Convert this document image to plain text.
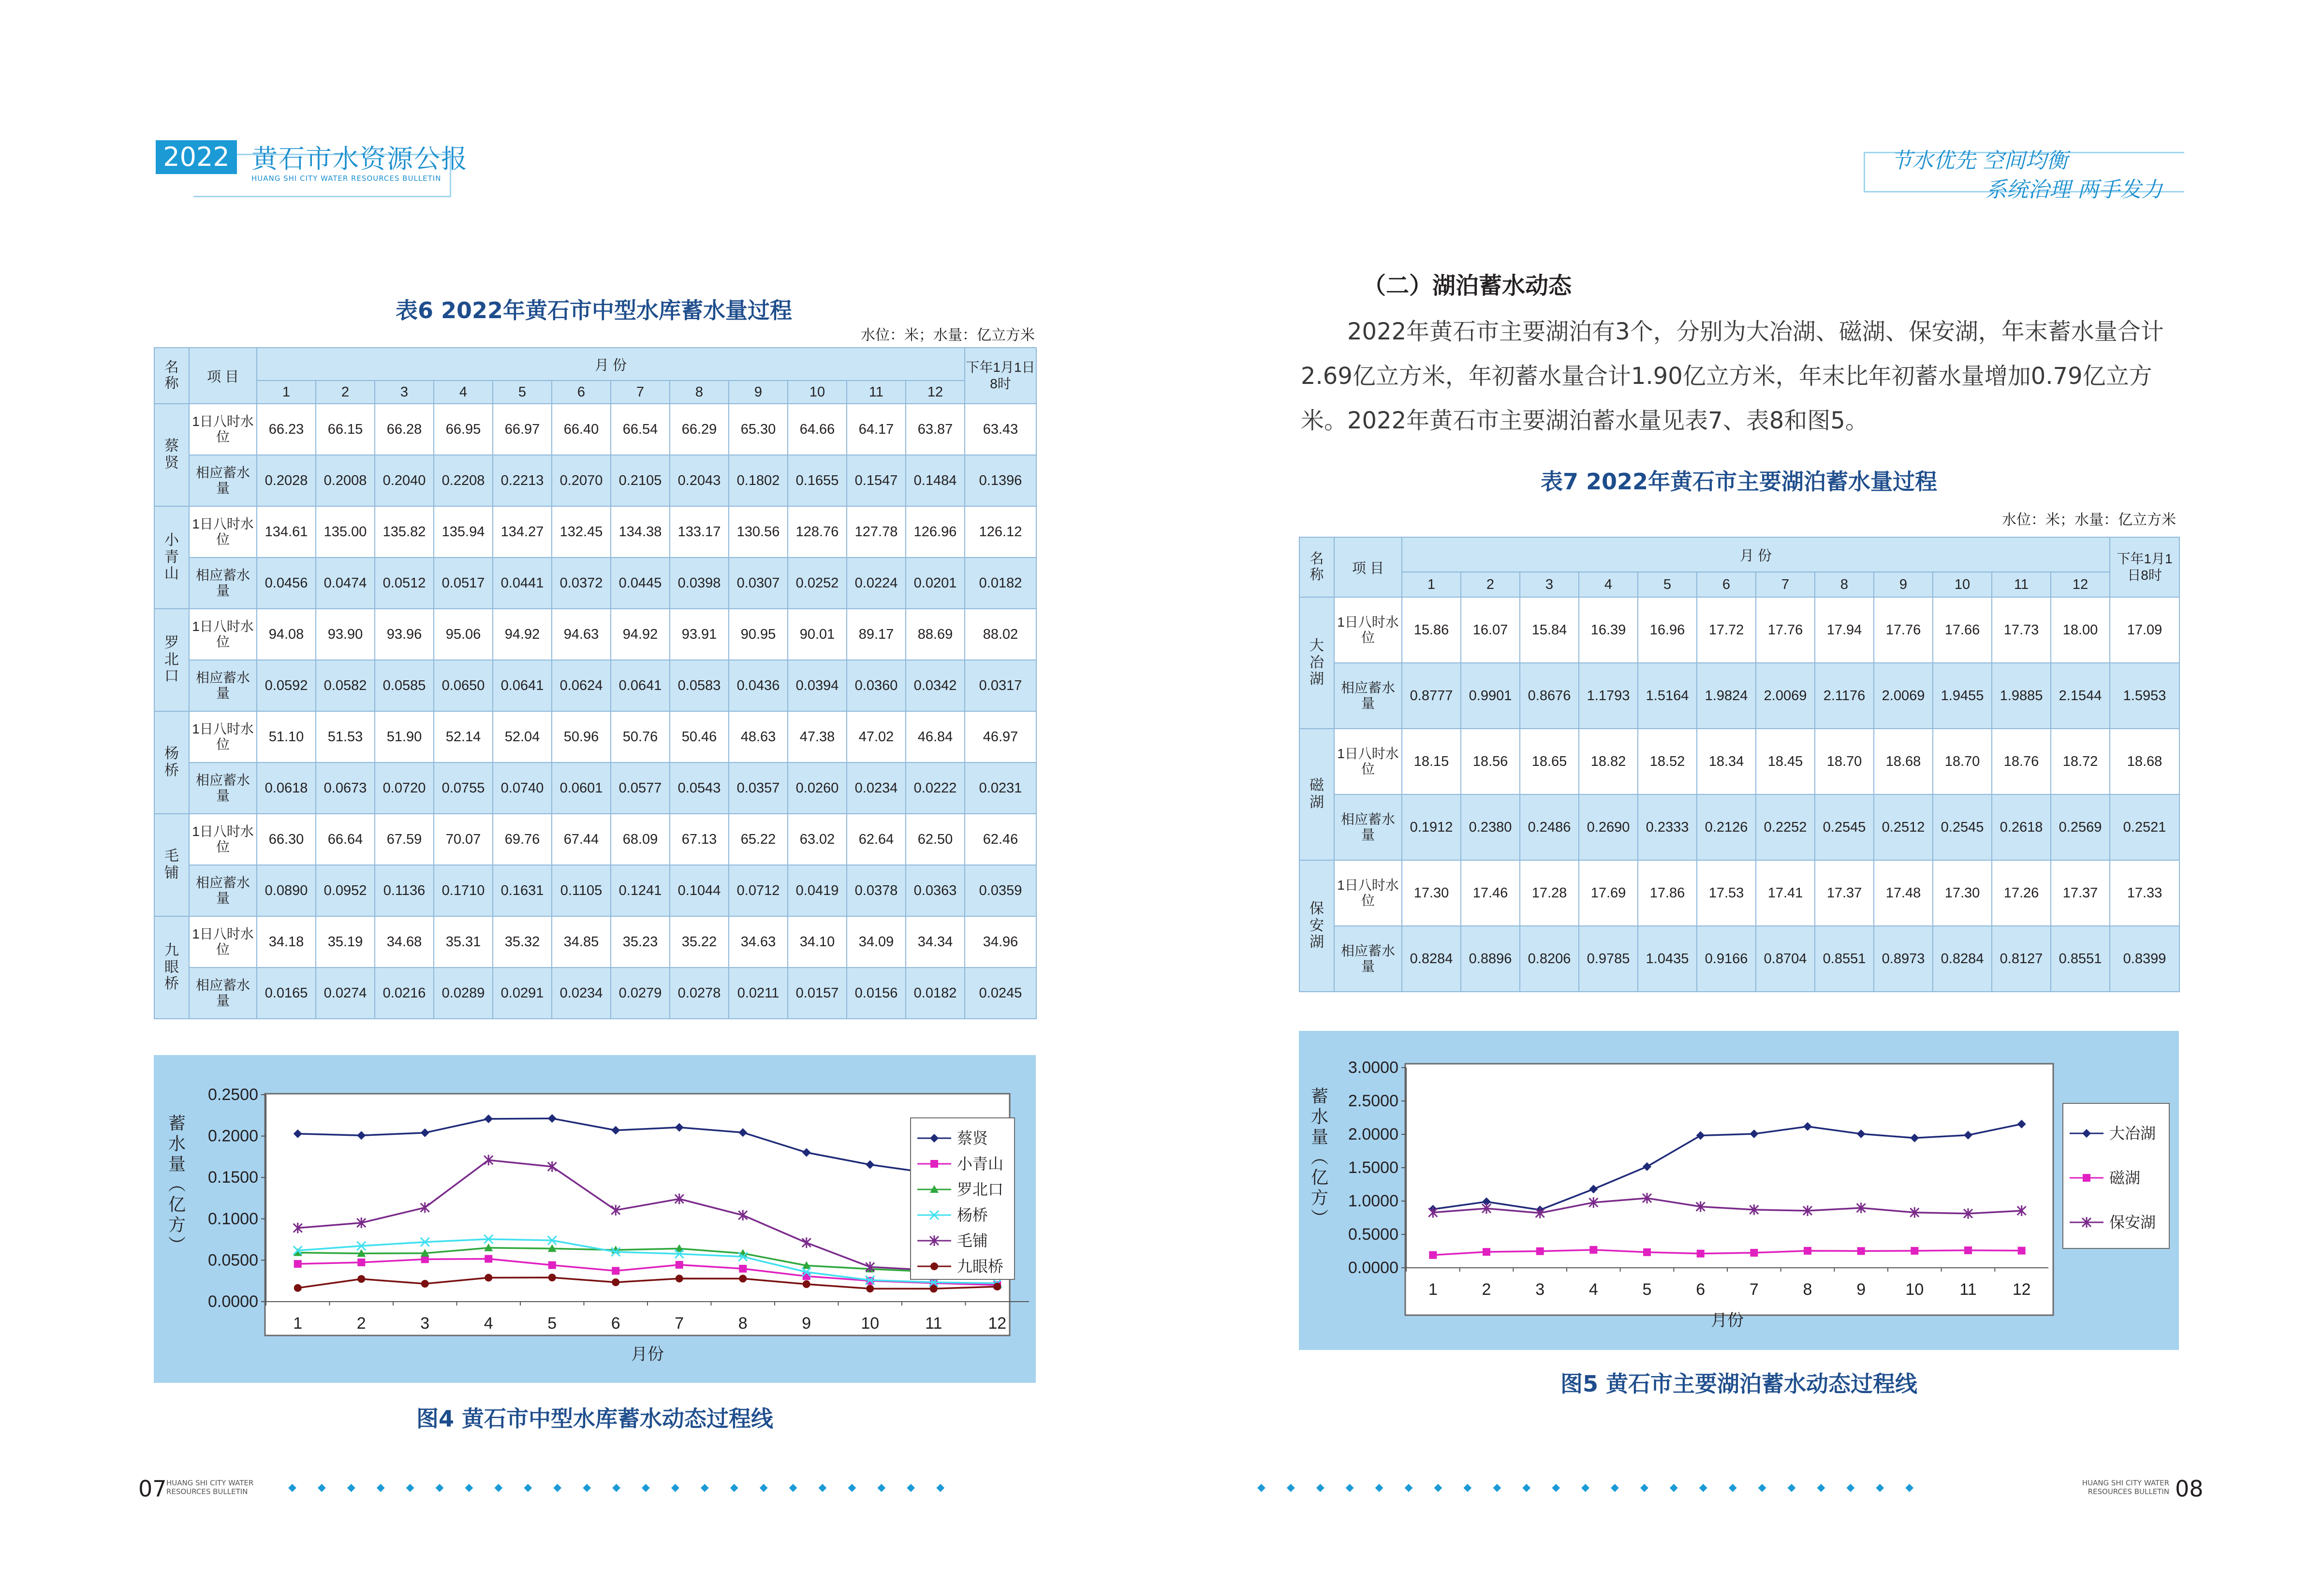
2022 黄石市水资源公报
HUANG SHI CITY WATER RESOURCES BULLETIN
节水优先 空间均衡
系统治理 两手发力
表6 2022年黄石市中型水库蓄水量过程
水位：米；水量：亿立方米
名称	项 目	月 份												下年1月1日8时
		1	2	3	4	5	6	7	8	9	10	11	12	
蔡贤	1日八时水位	66.23	66.15	66.28	66.95	66.97	66.40	66.54	66.29	65.30	64.66	64.17	63.87	63.43
	相应蓄水量	0.2028	0.2008	0.2040	0.2208	0.2213	0.2070	0.2105	0.2043	0.1802	0.1655	0.1547	0.1484	0.1396
小青山	1日八时水位	134.61	135.00	135.82	135.94	134.27	132.45	134.38	133.17	130.56	128.76	127.78	126.96	126.12
	相应蓄水量	0.0456	0.0474	0.0512	0.0517	0.0441	0.0372	0.0445	0.0398	0.0307	0.0252	0.0224	0.0201	0.0182
罗北口	1日八时水位	94.08	93.90	93.96	95.06	94.92	94.63	94.92	93.91	90.95	90.01	89.17	88.69	88.02
	相应蓄水量	0.0592	0.0582	0.0585	0.0650	0.0641	0.0624	0.0641	0.0583	0.0436	0.0394	0.0360	0.0342	0.0317
杨桥	1日八时水位	51.10	51.53	51.90	52.14	52.04	50.96	50.76	50.46	48.63	47.38	47.02	46.84	46.97
	相应蓄水量	0.0618	0.0673	0.0720	0.0755	0.0740	0.0601	0.0577	0.0543	0.0357	0.0260	0.0234	0.0222	0.0231
毛铺	1日八时水位	66.30	66.64	67.59	70.07	69.76	67.44	68.09	67.13	65.22	63.02	62.64	62.50	62.46
	相应蓄水量	0.0890	0.0952	0.1136	0.1710	0.1631	0.1105	0.1241	0.1044	0.0712	0.0419	0.0378	0.0363	0.0359
九眼桥	1日八时水位	34.18	35.19	34.68	35.31	35.32	34.85	35.23	35.22	34.63	34.10	34.09	34.34	34.96
	相应蓄水量	0.0165	0.0274	0.0216	0.0289	0.0291	0.0234	0.0279	0.0278	0.0211	0.0157	0.0156	0.0182	0.0245
0.0000
0.0500
0.1000
0.1500
0.2000
0.2500
1	2	3	4	5	6	7	8	9	10	11	12
月份
蓄水量（亿方）	蔡贤
小青山
罗北口
杨桥
毛铺
九眼桥
图4 黄石市中型水库蓄水动态过程线
（二）湖泊蓄水动态
2022年黄石市主要湖泊有3个，分别为大冶湖、磁湖、保安湖，年末蓄水量合计2.69亿立方米，年初蓄水量合计1.90亿立方米，年末比年初蓄水量增加0.79亿立方米。2022年黄石市主要湖泊蓄水量见表7、表8和图5。
表7 2022年黄石市主要湖泊蓄水量过程
水位：米；水量：亿立方米
名称	项 目	月 份												下年1月1日8时
		1	2	3	4	5	6	7	8	9	10	11	12	
大冶湖	1日八时水位	15.86	16.07	15.84	16.39	16.96	17.72	17.76	17.94	17.76	17.66	17.73	18.00	17.09
	相应蓄水量	0.8777	0.9901	0.8676	1.1793	1.5164	1.9824	2.0069	2.1176	2.0069	1.9455	1.9885	2.1544	1.5953
磁湖	1日八时水位	18.15	18.56	18.65	18.82	18.52	18.34	18.45	18.70	18.68	18.70	18.76	18.72	18.68
	相应蓄水量	0.1912	0.2380	0.2486	0.2690	0.2333	0.2126	0.2252	0.2545	0.2512	0.2545	0.2618	0.2569	0.2521
保安湖	1日八时水位	17.30	17.46	17.28	17.69	17.86	17.53	17.41	17.37	17.48	17.30	17.26	17.37	17.33
	相应蓄水量	0.8284	0.8896	0.8206	0.9785	1.0435	0.9166	0.8704	0.8551	0.8973	0.8284	0.8127	0.8551	0.8399
0.0000
0.5000
1.0000
1.5000
2.0000
2.5000
3.0000
1	2	3	4	5	6	7	8	9 10 11 12
月份
蓄水量（亿方）	大冶湖
磁湖
保安湖
图5 黄石市主要湖泊蓄水动态过程线
07 HUANG SHI CITY WATER
RESOURCES BULLETIN	◆◆◆◆◆◆◆◆◆◆◆◆◆◆◆◆◆◆◆◆◆◆◆	◆◆◆◆◆◆◆◆◆◆◆◆◆◆◆◆◆◆◆◆◆◆◆	HUANG SHI CITY WATER
RESOURCES BULLETIN 08
